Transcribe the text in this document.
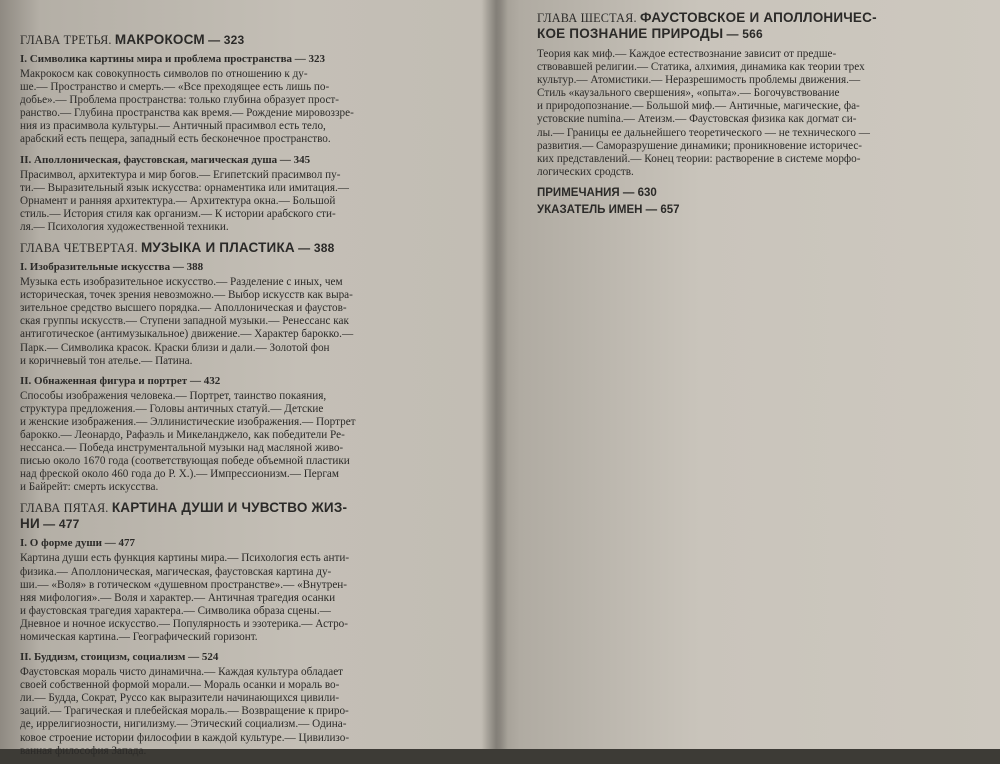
ГЛАВА ТРЕТЬЯ. МАКРОКОСМ — 323
I. Символика картины мира и проблема пространства — 323
Макрокосм как совокупность символов по отношению к ду-
ше.— Пространство и смерть.— «Все преходящее есть лишь по-
добье».— Проблема пространства: только глубина образует прост-
ранство.— Глубина пространства как время.— Рождение мировоззре-
ния из прасимвола культуры.— Античный прасимвол есть тело,
арабский есть пещера, западный есть бесконечное пространство.
II. Аполлоническая, фаустовская, магическая душа — 345
Прасимвол, архитектура и мир богов.— Египетский прасимвол пу-
ти.— Выразительный язык искусства: орнаментика или имитация.—
Орнамент и ранняя архитектура.— Архитектура окна.— Большой
стиль.— История стиля как организм.— К истории арабского сти-
ля.— Психология художественной техники.
ГЛАВА ЧЕТВЕРТАЯ. МУЗЫКА И ПЛАСТИКА — 388
I. Изобразительные искусства — 388
Музыка есть изобразительное искусство.— Разделение с иных, чем
историческая, точек зрения невозможно.— Выбор искусств как выра-
зительное средство высшего порядка.— Аполлоническая и фаустов-
ская группы искусств.— Ступени западной музыки.— Ренессанс как
антиготическое (антимузыкальное) движение.— Характер барокко.—
Парк.— Символика красок. Краски близи и дали.— Золотой фон
и коричневый тон ателье.— Патина.
II. Обнаженная фигура и портрет — 432
Способы изображения человека.— Портрет, таинство покаяния,
структура предложения.— Головы античных статуй.— Детские
и женские изображения.— Эллинистические изображения.— Портрет
барокко.— Леонардо, Рафаэль и Микеланджело, как победители Ре-
нессанса.— Победа инструментальной музыки над масляной живо-
писью около 1670 года (соответствующая победе объемной пластики
над фреской около 460 года до Р. Х.).— Импрессионизм.— Пергам
и Байрейт: смерть искусства.
ГЛАВА ПЯТАЯ. КАРТИНА ДУШИ И ЧУВСТВО ЖИЗ-
НИ — 477
I. О форме души — 477
Картина души есть функция картины мира.— Психология есть анти-
физика.— Аполлоническая, магическая, фаустовская картина ду-
ши.— «Воля» в готическом «душевном пространстве».— «Внутрен-
няя мифология».— Воля и характер.— Античная трагедия осанки
и фаустовская трагедия характера.— Символика образа сцены.—
Дневное и ночное искусство.— Популярность и эзотерика.— Астро-
номическая картина.— Географический горизонт.
II. Буддизм, стоицизм, социализм — 524
Фаустовская мораль чисто динамична.— Каждая культура обладает
своей собственной формой морали.— Мораль осанки и мораль во-
ли.— Будда, Сократ, Руссо как выразители начинающихся цивили-
заций.— Трагическая и плебейская мораль.— Возвращение к приро-
де, иррелигиозности, нигилизму.— Этический социализм.— Одина-
ковое строение истории философии в каждой культуре.— Цивилизо-
ванная философия Запада.
ГЛАВА ШЕСТАЯ. ФАУСТОВСКОЕ И АПОЛЛОНИЧЕС-
КОЕ ПОЗНАНИЕ ПРИРОДЫ — 566
Теория как миф.— Каждое естествознание зависит от предше-
ствовавшей религии.— Статика, алхимия, динамика как теории трех
культур.— Атомистики.— Неразрешимость проблемы движения.—
Стиль «каузального свершения», «опыта».— Богочувствование
и природопознание.— Большой миф.— Античные, магические, фа-
устовские numina.— Атеизм.— Фаустовская физика как догмат си-
лы.— Границы ее дальнейшего теоретического — не технического —
развития.— Саморазрушение динамики; проникновение историчес-
ких представлений.— Конец теории: растворение в системе морфо-
логических сродств.
ПРИМЕЧАНИЯ — 630
УКАЗАТЕЛЬ ИМЕН — 657
